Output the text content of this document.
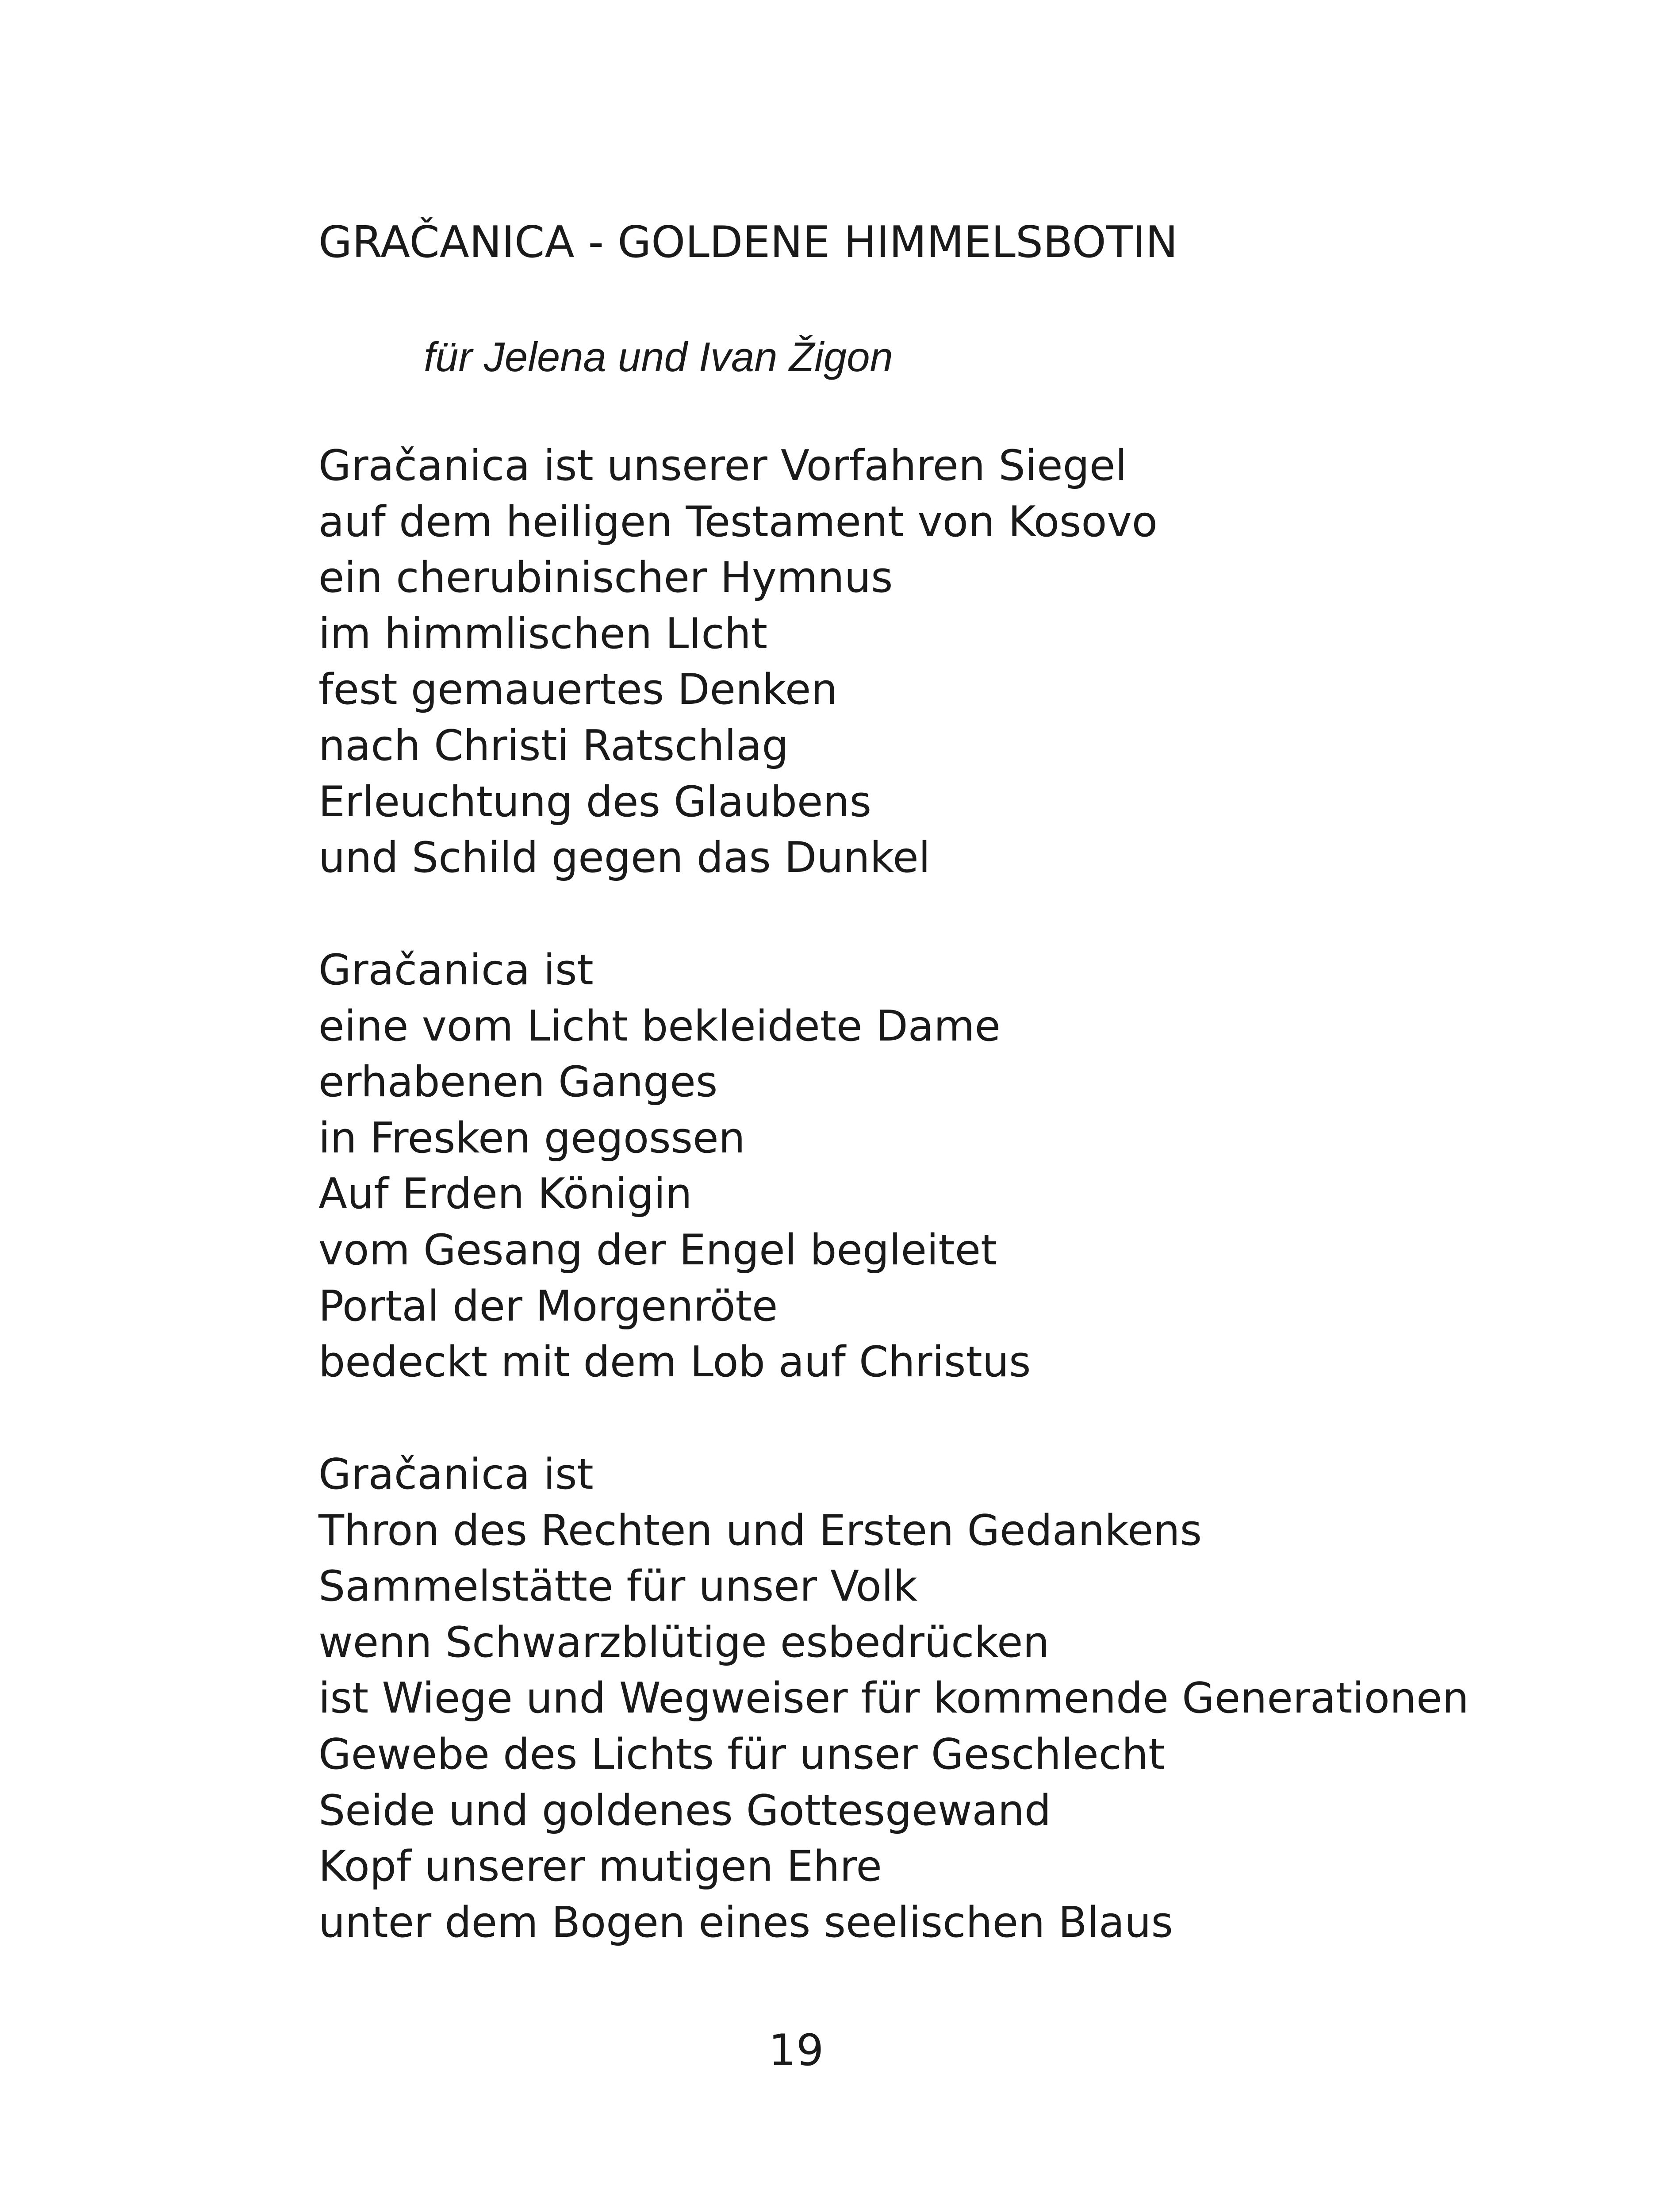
GRAČANICA - GOLDENE HIMMELSBOTIN

für Jelena und Ivan Žigon

Gračanica ist unserer Vorfahren Siegel
auf dem heiligen Testament von Kosovo
ein cherubinischer Hymnus
im himmlischen LIcht
fest gemauertes Denken
nach Christi Ratschlag
Erleuchtung des Glaubens
und Schild gegen das Dunkel
Gračanica ist
eine vom Licht bekleidete Dame
erhabenen Ganges
in Fresken gegossen
Auf Erden Königin
vom Gesang der Engel begleitet
Portal der Morgenröte
bedeckt mit dem Lob auf Christus
Gračanica ist
Thron des Rechten und Ersten Gedankens
Sammelstätte für unser Volk
wenn Schwarzblütige esbedrücken
ist Wiege und Wegweiser für kommende Generationen
Gewebe des Lichts für unser Geschlecht
Seide und goldenes Gottesgewand
Kopf unserer mutigen Ehre
unter dem Bogen eines seelischen Blaus
19
